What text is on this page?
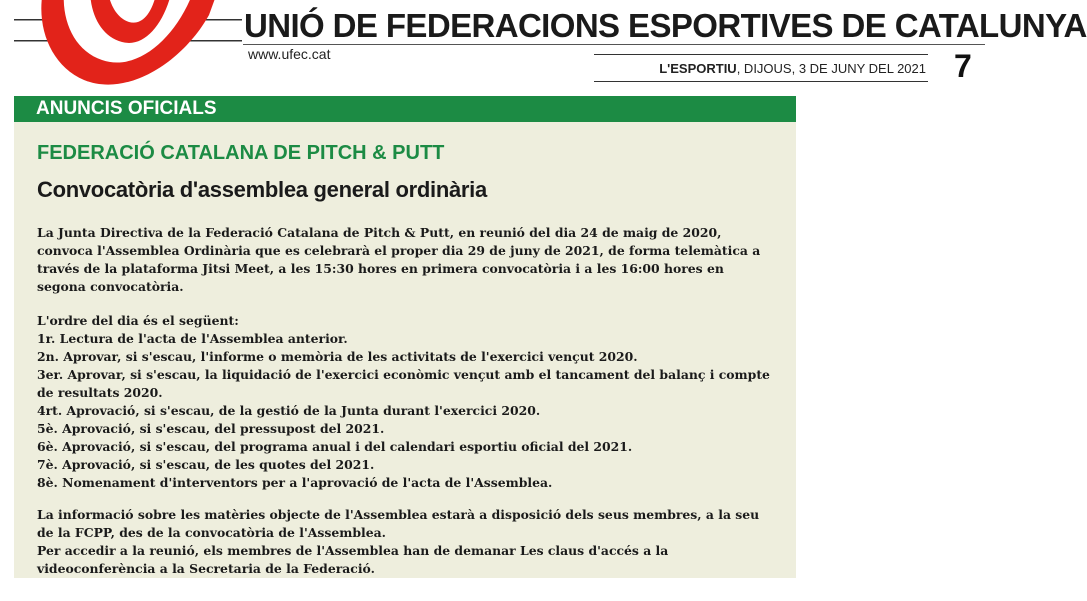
UNIÓ DE FEDERACIONS ESPORTIVES DE CATALUNYA
www.ufec.cat
L'ESPORTIU, DIJOUS, 3 DE JUNY DEL 2021 7
ANUNCIS OFICIALS
FEDERACIÓ CATALANA DE PITCH & PUTT
Convocatòria d'assemblea general ordinària

La Junta Directiva de la Federació Catalana de Pitch & Putt, en reunió del dia 24 de maig de 2020, convoca l'Assemblea Ordinària que es celebrarà el proper dia 29 de juny de 2021, de forma telemàtica a través de la plataforma Jitsi Meet, a les 15:30 hores en primera convocatòria i a les 16:00 hores en segona convocatòria.

L'ordre del dia és el següent:
1r. Lectura de l'acta de l'Assemblea anterior.
2n. Aprovar, si s'escau, l'informe o memòria de les activitats de l'exercici vençut 2020.
3er. Aprovar, si s'escau, la liquidació de l'exercici econòmic vençut amb el tancament del balanç i compte de resultats 2020.
4rt. Aprovació, si s'escau, de la gestió de la Junta durant l'exercici 2020.
5è. Aprovació, si s'escau, del pressupost del 2021.
6è. Aprovació, si s'escau, del programa anual i del calendari esportiu oficial del 2021.
7è. Aprovació, si s'escau, de les quotes del 2021.
8è. Nomenament d'interventors per a l'aprovació de l'acta de l'Assemblea.
La informació sobre les matèries objecte de l'Assemblea estarà a disposició dels seus membres, a la seu de la FCPP, des de la convocatòria de l'Assemblea.
Per accedir a la reunió, els membres de l'Assemblea han de demanar Les claus d'accés a la videoconferència a la Secretaria de la Federació.
